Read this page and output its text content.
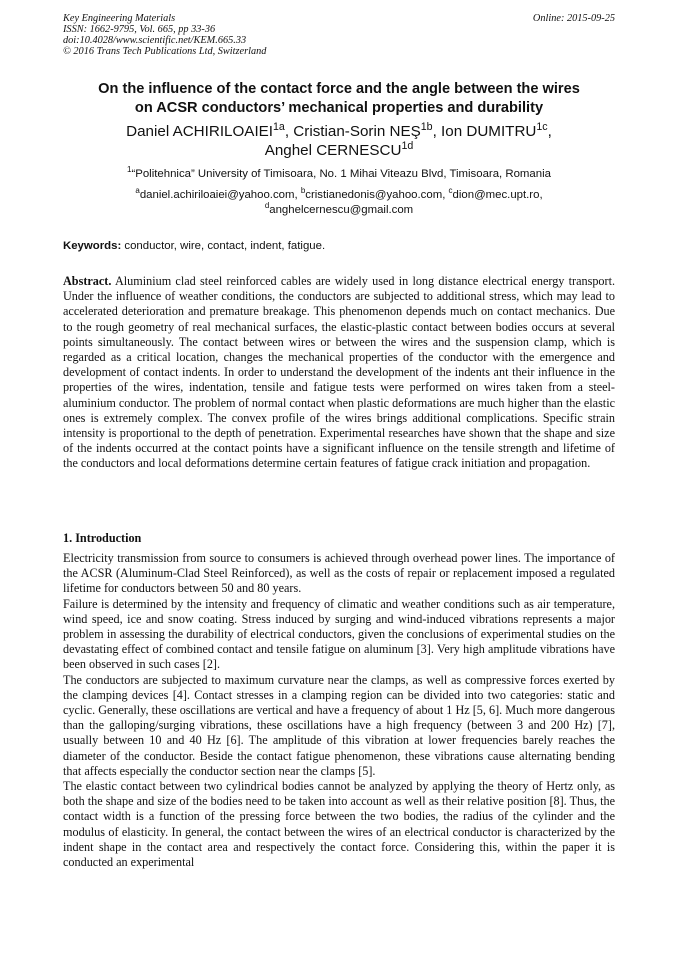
Key Engineering Materials
ISSN: 1662-9795, Vol. 665, pp 33-36
doi:10.4028/www.scientific.net/KEM.665.33
© 2016 Trans Tech Publications Ltd, Switzerland
Online: 2015-09-25
On the influence of the contact force and the angle between the wires
on ACSR conductors’ mechanical properties and durability
Daniel $ACHIRILOAIEI^{1a}$, Cristian-Sorin $NEŞ^{1b}$, Ion $DUMITRU^{1c}$,
Anghel $CERNESCU^{1d}$
$^1$“Politehnica” University of Timisoara, No. 1 Mihai Viteazu Blvd, Timisoara, Romania
$^a$daniel.achiriloaiei@yahoo.com, $^b$cristianedonis@yahoo.com, $^c$dion@mec.upt.ro,
$^d$anghelcernescu@gmail.com
Keywords: conductor, wire, contact, indent, fatigue.
Abstract. Aluminium clad steel reinforced cables are widely used in long distance electrical energy transport. Under the influence of weather conditions, the conductors are subjected to additional stress, which may lead to accelerated deterioration and premature breakage. This phenomenon depends much on contact mechanics. Due to the rough geometry of real mechanical surfaces, the elastic-plastic contact between bodies occurs at several points simultaneously. The contact between wires or between the wires and the suspension clamp, which is regarded as a critical location, changes the mechanical properties of the conductor with the emergence and development of contact indents. In order to understand the development of the indents ant their influence in the properties of the wires, indentation, tensile and fatigue tests were performed on wires taken from a steel-aluminium conductor. The problem of normal contact when plastic deformations are much higher than the elastic ones is extremely complex. The convex profile of the wires brings additional complications. Specific strain intensity is proportional to the depth of penetration. Experimental researches have shown that the shape and size of the indents occurred at the contact points have a significant influence on the tensile strength and lifetime of the conductors and local deformations determine certain features of fatigue crack initiation and propagation.
1. Introduction

Electricity transmission from source to consumers is achieved through overhead power lines. The importance of the ACSR (Aluminum-Clad Steel Reinforced), as well as the costs of repair or replacement imposed a regulated lifetime for conductors between 50 and 80 years.

Failure is determined by the intensity and frequency of climatic and weather conditions such as air temperature, wind speed, ice and snow coating. Stress induced by surging and wind-induced vibrations represents a major problem in assessing the durability of electrical conductors, given the conclusions of experimental studies on the devastating effect of combined contact and tensile fatigue on aluminum [3]. Very high amplitude vibrations have been observed in such cases [2].

The conductors are subjected to maximum curvature near the clamps, as well as compressive forces exerted by the clamping devices [4]. Contact stresses in a clamping region can be divided into two categories: static and cyclic. Generally, these oscillations are vertical and have a frequency of about 1 Hz [5, 6]. Much more dangerous than the galloping/surging vibrations, these oscillations have a high frequency (between 3 and 200 Hz) [7], usually between 10 and 40 Hz [6]. The amplitude of this vibration at lower frequencies barely reaches the diameter of the conductor. Beside the contact fatigue phenomenon, these vibrations cause alternating bending that affects especially the conductor section near the clamps [5].

The elastic contact between two cylindrical bodies cannot be analyzed by applying the theory of Hertz only, as both the shape and size of the bodies need to be taken into account as well as their relative position [8]. Thus, the contact width is a function of the pressing force between the two bodies, the radius of the cylinder and the modulus of elasticity. In general, the contact between the wires of an electrical conductor is characterized by the indent shape in the contact area and respectively the contact force. Considering this, within the paper it is conducted an experimental
